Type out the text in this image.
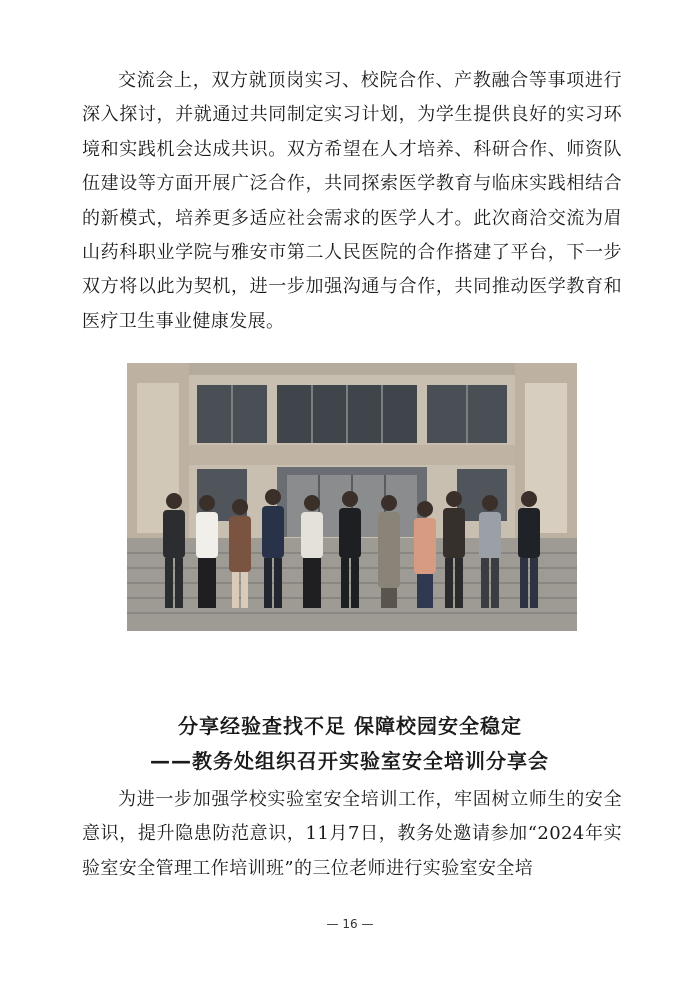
交流会上，双方就顶岗实习、校院合作、产教融合等事项进行深入探讨，并就通过共同制定实习计划，为学生提供良好的实习环境和实践机会达成共识。双方希望在人才培养、科研合作、师资队伍建设等方面开展广泛合作，共同探索医学教育与临床实践相结合的新模式，培养更多适应社会需求的医学人才。此次商洽交流为眉山药科职业学院与雅安市第二人民医院的合作搭建了平台，下一步双方将以此为契机，进一步加强沟通与合作，共同推动医学教育和医疗卫生事业健康发展。

分享经验查找不足 保障校园安全稳定
——教务处组织召开实验室安全培训分享会

为进一步加强学校实验室安全培训工作，牢固树立师生的安全意识，提升隐患防范意识，11月7日，教务处邀请参加“2024年实验室安全管理工作培训班”的三位老师进行实验室安全培

— 16 —
